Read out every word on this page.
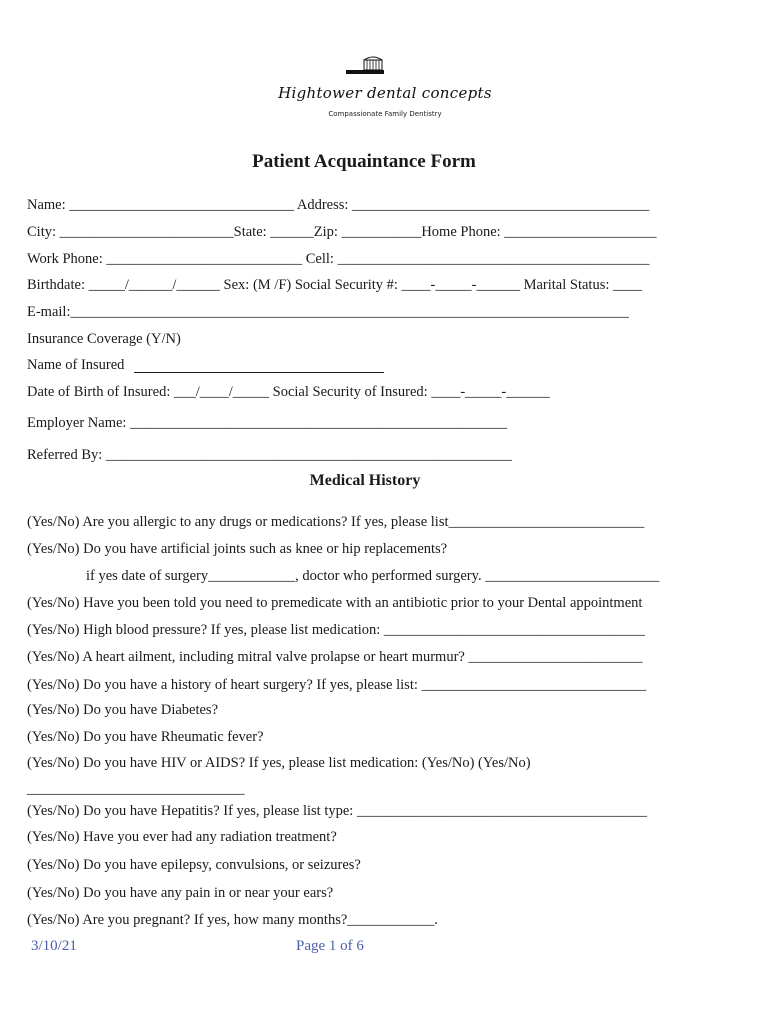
Hightower dental concepts
Compassionate Family Dentistry
Patient Acquaintance Form
Name: _______________________________ Address: _________________________________________
City: ________________________State: ______Zip: ___________Home Phone: _____________________
Work Phone: ___________________________ Cell: ___________________________________________
Birthdate: _____/______/______ Sex: (M /F) Social Security #: ____-_____-______ Marital Status: ____
E-mail:_____________________________________________________________________________
Insurance Coverage (Y/N)
Name of Insured
Date of Birth of Insured: ___/____/_____ Social Security of Insured: ____-_____-______
Employer Name: ____________________________________________________
Referred By: ________________________________________________________
Medical History
(Yes/No) Are you allergic to any drugs or medications? If yes, please list___________________________
(Yes/No) Do you have artificial joints such as knee or hip replacements?
if yes date of surgery____________, doctor who performed surgery. ________________________
(Yes/No) Have you been told you need to premedicate with an antibiotic prior to your Dental appointment
(Yes/No) High blood pressure? If yes, please list medication: ____________________________________
(Yes/No) A heart ailment, including mitral valve prolapse or heart murmur? ________________________
(Yes/No) Do you have a history of heart surgery? If yes, please list: _______________________________
(Yes/No) Do you have Diabetes?
(Yes/No) Do you have Rheumatic fever?
(Yes/No) Do you have HIV or AIDS? If yes, please list medication: (Yes/No) (Yes/No)
______________________________
(Yes/No) Do you have Hepatitis? If yes, please list type: ________________________________________
(Yes/No) Have you ever had any radiation treatment?
(Yes/No) Do you have epilepsy, convulsions, or seizures?
(Yes/No) Do you have any pain in or near your ears?
(Yes/No) Are you pregnant? If yes, how many months?____________.
3/10/21	Page 1 of 6
